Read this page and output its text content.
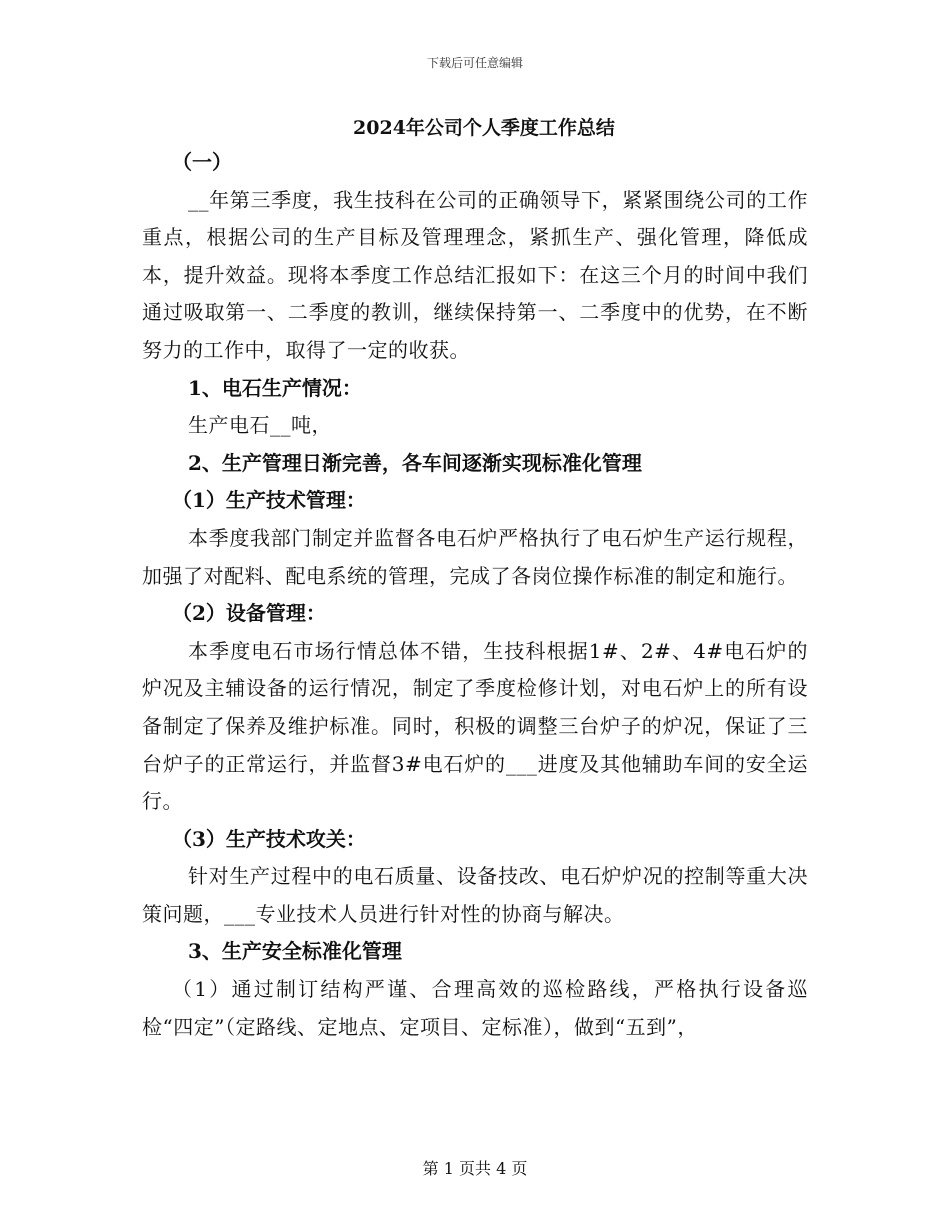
下载后可任意编辑
2024年公司个人季度工作总结

（一）

__年第三季度，我生技科在公司的正确领导下，紧紧围绕公司的工作重点，根据公司的生产目标及管理理念，紧抓生产、强化管理，降低成本，提升效益。现将本季度工作总结汇报如下：在这三个月的时间中我们通过吸取第一、二季度的教训，继续保持第一、二季度中的优势，在不断努力的工作中，取得了一定的收获。

1、电石生产情况：

生产电石__吨，

2、生产管理日渐完善，各车间逐渐实现标准化管理

（1）生产技术管理：

本季度我部门制定并监督各电石炉严格执行了电石炉生产运行规程，加强了对配料、配电系统的管理，完成了各岗位操作标准的制定和施行。

（2）设备管理：

本季度电石市场行情总体不错，生技科根据1#、2#、4#电石炉的炉况及主辅设备的运行情况，制定了季度检修计划，对电石炉上的所有设备制定了保养及维护标准。同时，积极的调整三台炉子的炉况，保证了三台炉子的正常运行，并监督3#电石炉的___进度及其他辅助车间的安全运行。

（3）生产技术攻关：

针对生产过程中的电石质量、设备技改、电石炉炉况的控制等重大决策问题，___专业技术人员进行针对性的协商与解决。

3、生产安全标准化管理

（1）通过制订结构严谨、合理高效的巡检路线，严格执行设备巡检“四定”（定路线、定地点、定项目、定标准），做到“五到”，

第 1 页共 4 页
